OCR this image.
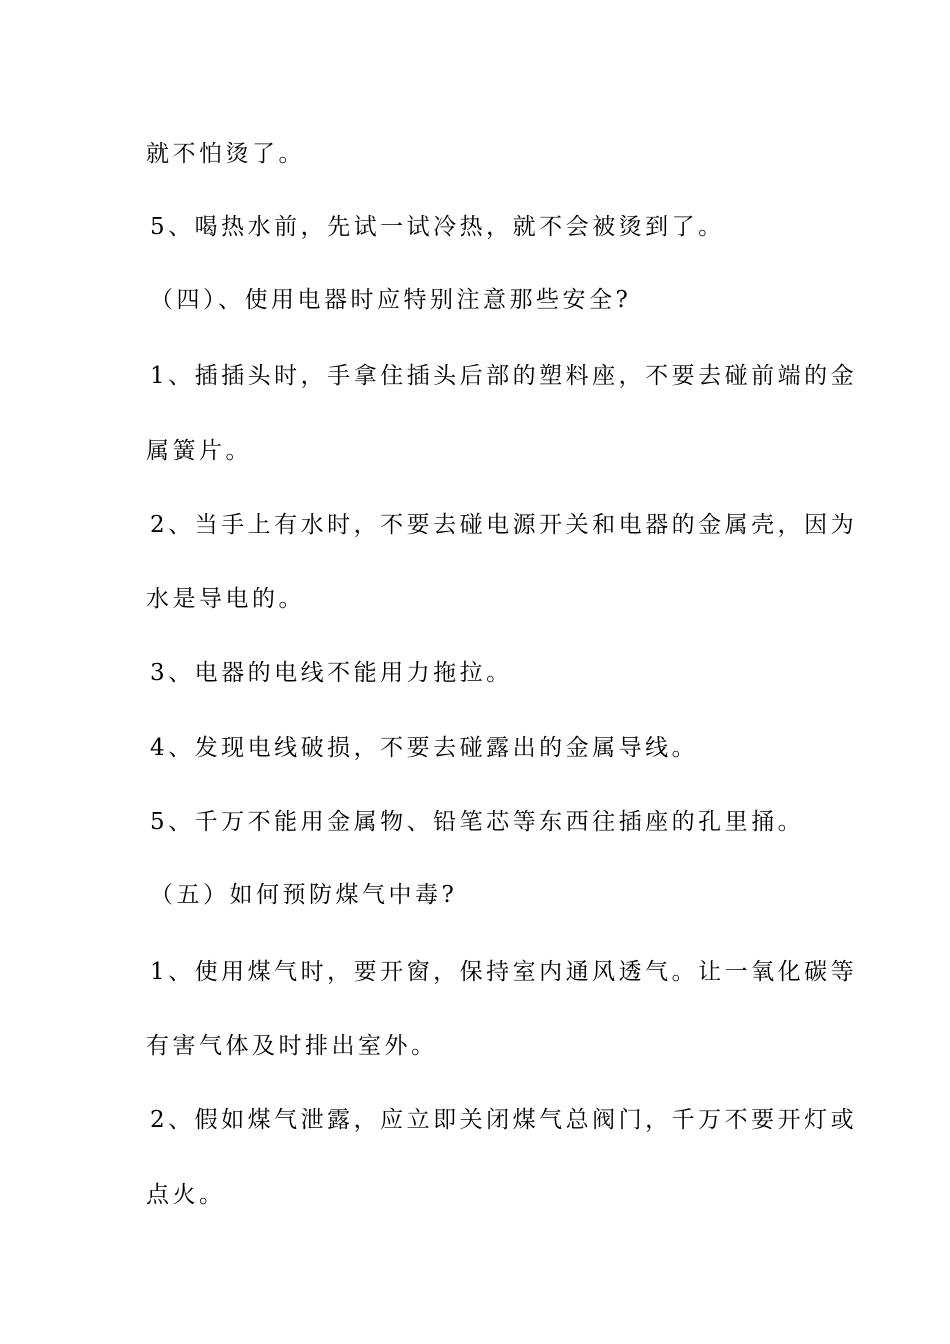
就不怕烫了。
5、喝热水前，先试一试冷热，就不会被烫到了。
（四）、使用电器时应特别注意那些安全?
1、插插头时，手拿住插头后部的塑料座，不要去碰前端的金
属簧片。
2、当手上有水时，不要去碰电源开关和电器的金属壳，因为
水是导电的。
3、电器的电线不能用力拖拉。
4、发现电线破损，不要去碰露出的金属导线。
5、千万不能用金属物、铅笔芯等东西往插座的孔里捅。
（五）如何预防煤气中毒?
1、使用煤气时，要开窗，保持室内通风透气。让一氧化碳等
有害气体及时排出室外。
2、假如煤气泄露，应立即关闭煤气总阀门，千万不要开灯或
点火。
